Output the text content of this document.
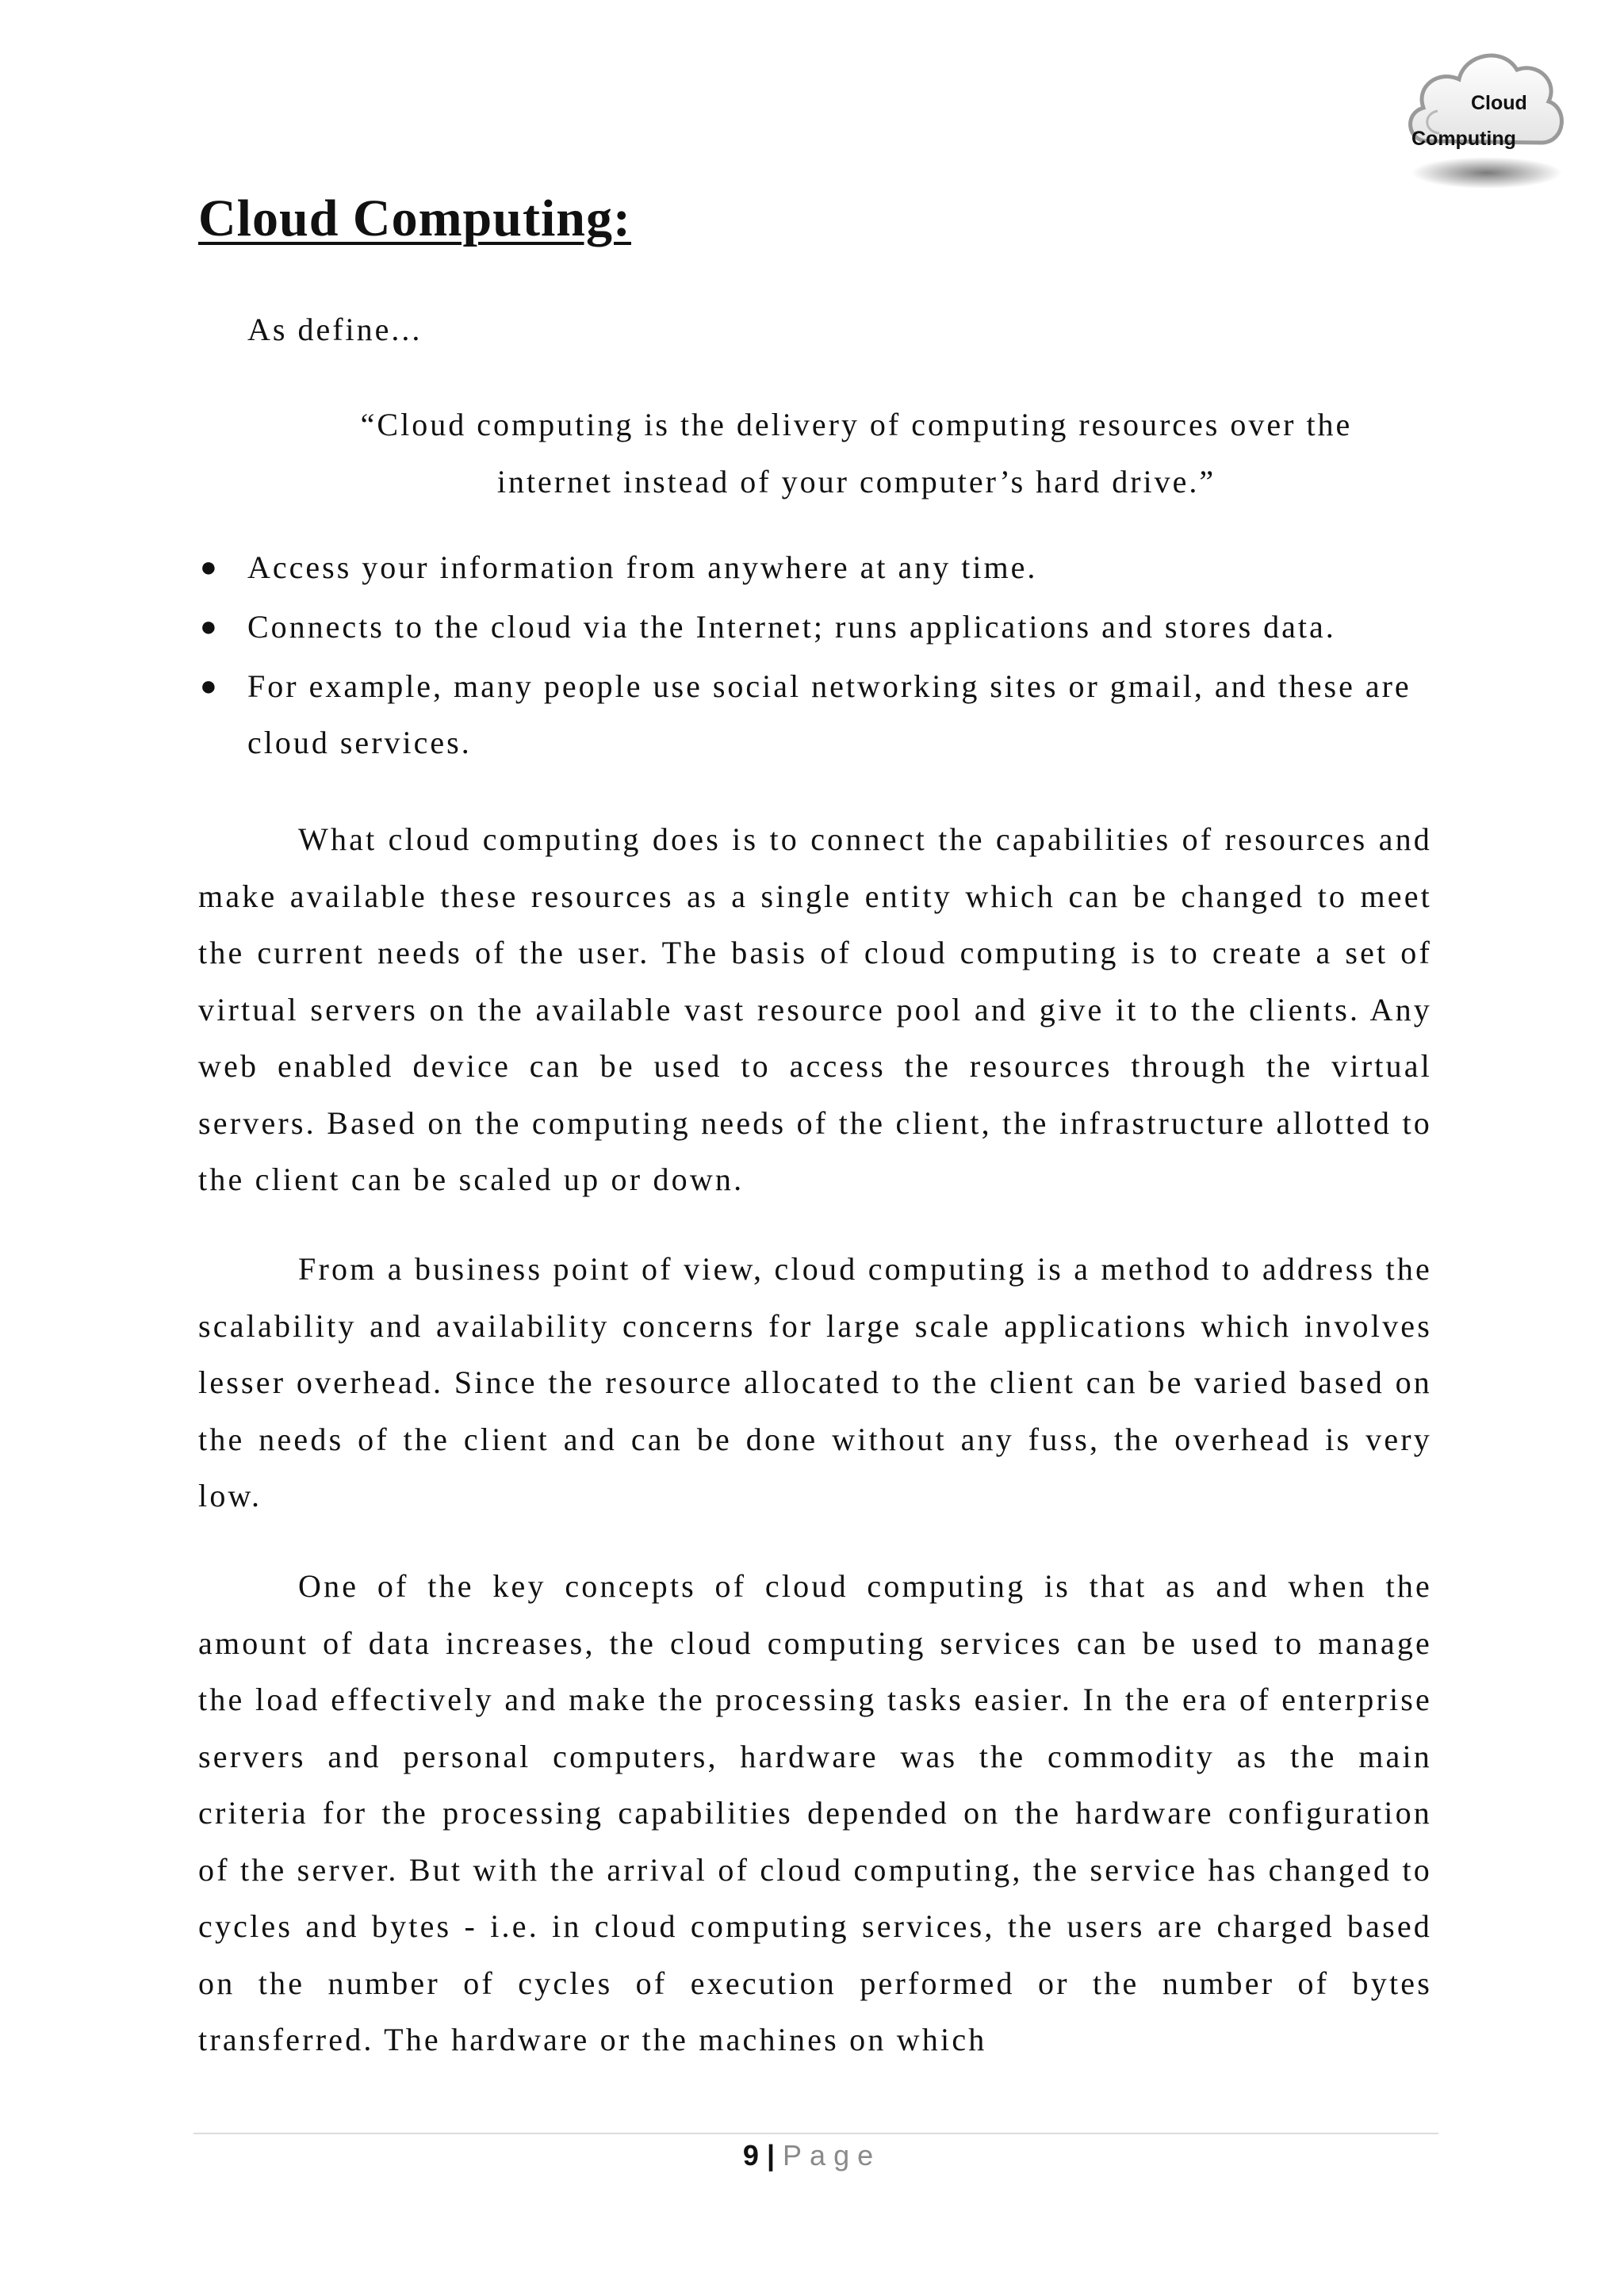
Cloud
Computing
Cloud Computing:
As define...
“Cloud computing is the delivery of computing resources over the internet instead of your computer’s hard drive.”
● Access your information from anywhere at any time.
● Connects to the cloud via the Internet; runs applications and stores data.
● For example, many people use social networking sites or gmail, and these are cloud services.

What cloud computing does is to connect the capabilities of resources and make available these resources as a single entity which can be changed to meet the current needs of the user. The basis of cloud computing is to create a set of virtual servers on the available vast resource pool and give it to the clients. Any web enabled device can be used to access the resources through the virtual servers. Based on the computing needs of the client, the infrastructure allotted to the client can be scaled up or down.

From a business point of view, cloud computing is a method to address the scalability and availability concerns for large scale applications which involves lesser overhead. Since the resource allocated to the client can be varied based on the needs of the client and can be done without any fuss, the overhead is very low.

One of the key concepts of cloud computing is that as and when the amount of data increases, the cloud computing services can be used to manage the load effectively and make the processing tasks easier. In the era of enterprise servers and personal computers, hardware was the commodity as the main criteria for the processing capabilities depended on the hardware configuration of the server. But with the arrival of cloud computing, the service has changed to cycles and bytes - i.e. in cloud computing services, the users are charged based on the number of cycles of execution performed or the number of bytes transferred. The hardware or the machines on which

9 | Page
